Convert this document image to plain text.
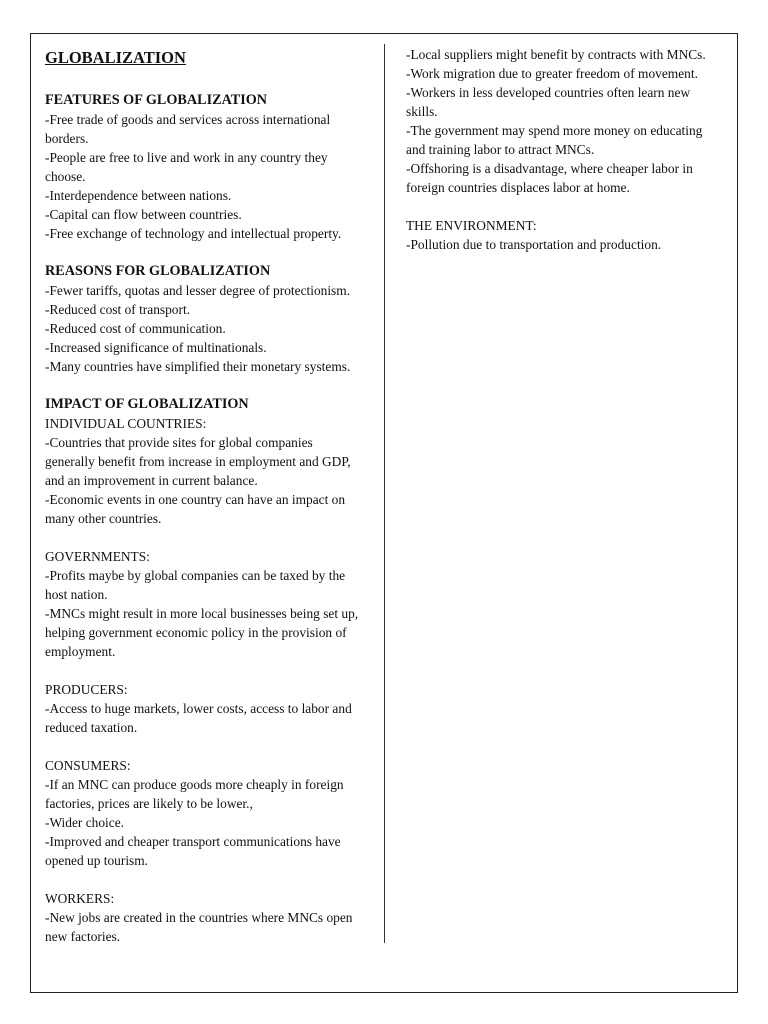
GLOBALIZATION
FEATURES OF GLOBALIZATION
-Free trade of goods and services across international borders.
-People are free to live and work in any country they choose.
-Interdependence between nations.
-Capital can flow between countries.
-Free exchange of technology and intellectual property.
REASONS FOR GLOBALIZATION
-Fewer tariffs, quotas and lesser degree of protectionism.
-Reduced cost of transport.
-Reduced cost of communication.
-Increased significance of multinationals.
-Many countries have simplified their monetary systems.
IMPACT OF GLOBALIZATION
INDIVIDUAL COUNTRIES:
-Countries that provide sites for global companies generally benefit from increase in employment and GDP, and an improvement in current balance.
-Economic events in one country can have an impact on many other countries.
GOVERNMENTS:
-Profits maybe by global companies can be taxed by the host nation.
-MNCs might result in more local businesses being set up, helping government economic policy in the provision of employment.
PRODUCERS:
-Access to huge markets, lower costs, access to labor and reduced taxation.
CONSUMERS:
-If an MNC can produce goods more cheaply in foreign factories, prices are likely to be lower.,
-Wider choice.
-Improved and cheaper transport communications have opened up tourism.
WORKERS:
-New jobs are created in the countries where MNCs open new factories.
-Local suppliers might benefit by contracts with MNCs.
-Work migration due to greater freedom of movement.
-Workers in less developed countries often learn new skills.
-The government may spend more money on educating and training labor to attract MNCs.
-Offshoring is a disadvantage, where cheaper labor in foreign countries displaces labor at home.
THE ENVIRONMENT:
-Pollution due to transportation and production.
